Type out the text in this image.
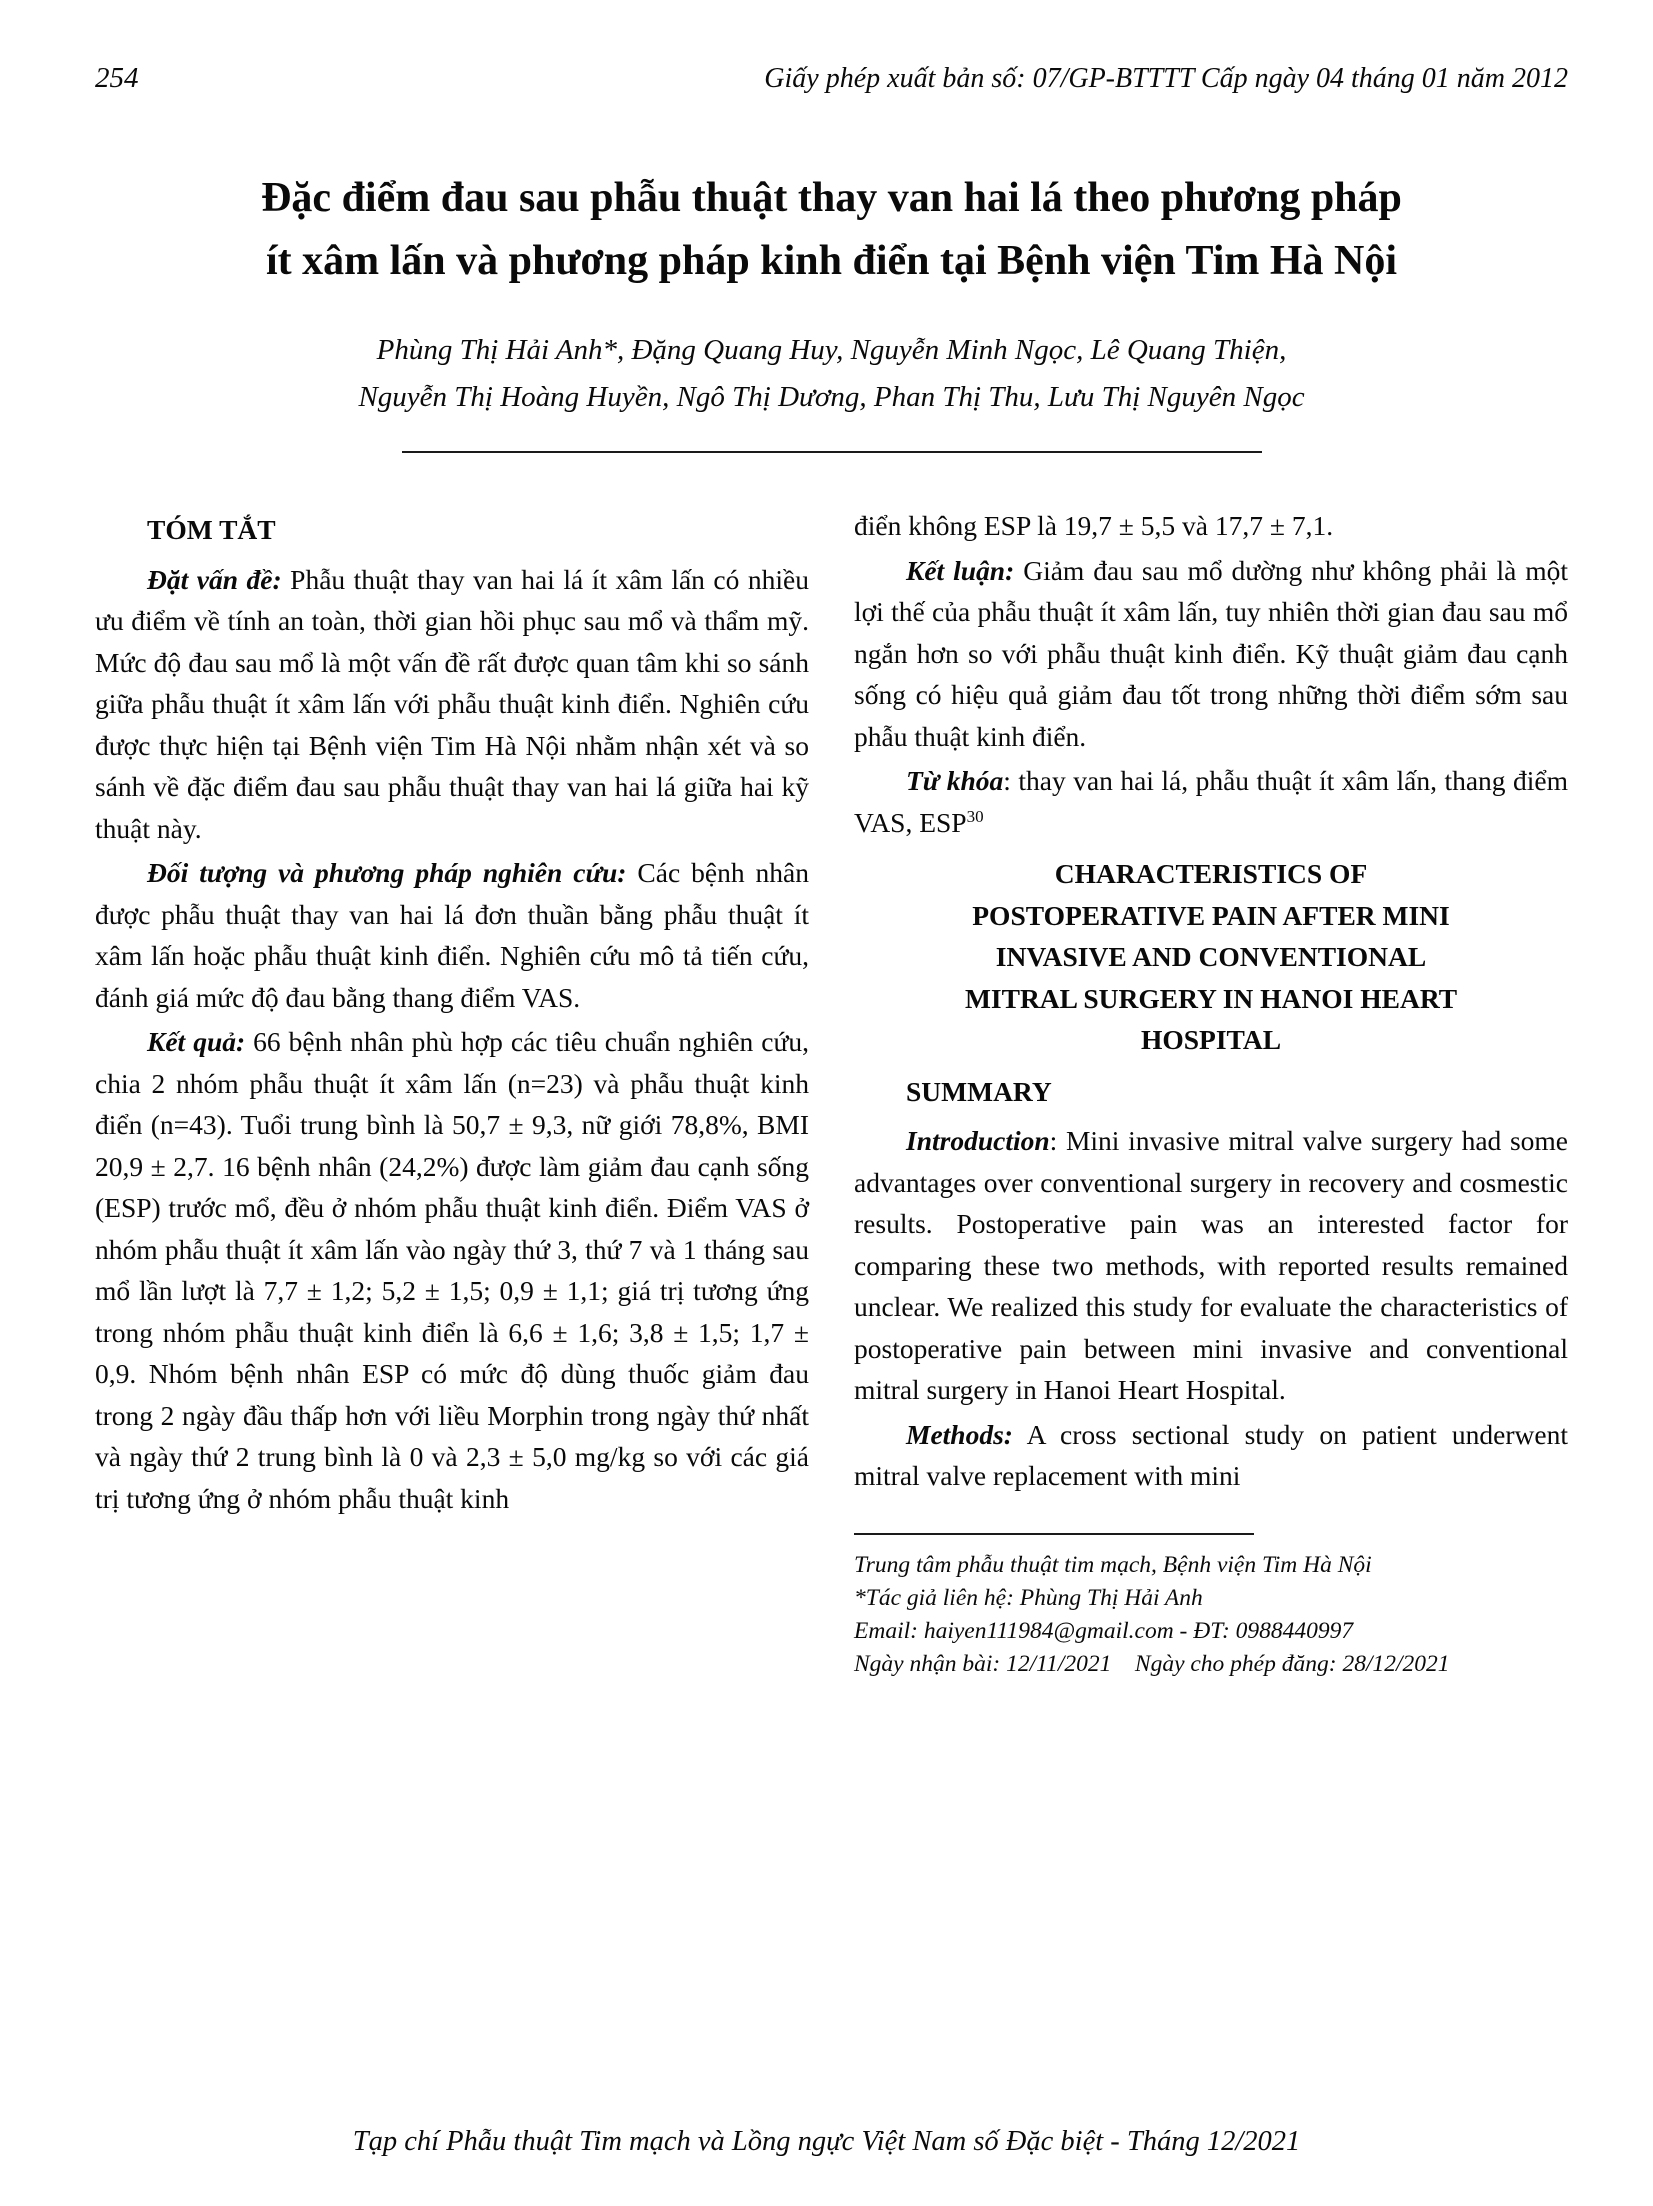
254	Giấy phép xuất bản số: 07/GP-BTTTT Cấp ngày 04 tháng 01 năm 2012
Đặc điểm đau sau phẫu thuật thay van hai lá theo phương pháp
ít xâm lấn và phương pháp kinh điển tại Bệnh viện Tim Hà Nội
Phùng Thị Hải Anh*, Đặng Quang Huy, Nguyễn Minh Ngọc, Lê Quang Thiện,
Nguyễn Thị Hoàng Huyền, Ngô Thị Dương, Phan Thị Thu, Lưu Thị Nguyên Ngọc
TÓM TẮT

Đặt vấn đề: Phẫu thuật thay van hai lá ít xâm lấn có nhiều ưu điểm về tính an toàn, thời gian hồi phục sau mổ và thẩm mỹ. Mức độ đau sau mổ là một vấn đề rất được quan tâm khi so sánh giữa phẫu thuật ít xâm lấn với phẫu thuật kinh điển. Nghiên cứu được thực hiện tại Bệnh viện Tim Hà Nội nhằm nhận xét và so sánh về đặc điểm đau sau phẫu thuật thay van hai lá giữa hai kỹ thuật này.

Đối tượng và phương pháp nghiên cứu: Các bệnh nhân được phẫu thuật thay van hai lá đơn thuần bằng phẫu thuật ít xâm lấn hoặc phẫu thuật kinh điển. Nghiên cứu mô tả tiến cứu, đánh giá mức độ đau bằng thang điểm VAS.

Kết quả: 66 bệnh nhân phù hợp các tiêu chuẩn nghiên cứu, chia 2 nhóm phẫu thuật ít xâm lấn (n=23) và phẫu thuật kinh điển (n=43). Tuổi trung bình là 50,7 ± 9,3, nữ giới 78,8%, BMI 20,9 ± 2,7. 16 bệnh nhân (24,2%) được làm giảm đau cạnh sống (ESP) trước mổ, đều ở nhóm phẫu thuật kinh điển. Điểm VAS ở nhóm phẫu thuật ít xâm lấn vào ngày thứ 3, thứ 7 và 1 tháng sau mổ lần lượt là 7,7 ± 1,2; 5,2 ± 1,5; 0,9 ± 1,1; giá trị tương ứng trong nhóm phẫu thuật kinh điển là 6,6 ± 1,6; 3,8 ± 1,5; 1,7 ± 0,9. Nhóm bệnh nhân ESP có mức độ dùng thuốc giảm đau trong 2 ngày đầu thấp hơn với liều Morphin trong ngày thứ nhất và ngày thứ 2 trung bình là 0 và 2,3 ± 5,0 mg/kg so với các giá trị tương ứng ở nhóm phẫu thuật kinh

điển không ESP là 19,7 ± 5,5 và 17,7 ± 7,1.

Kết luận: Giảm đau sau mổ dường như không phải là một lợi thế của phẫu thuật ít xâm lấn, tuy nhiên thời gian đau sau mổ ngắn hơn so với phẫu thuật kinh điển. Kỹ thuật giảm đau cạnh sống có hiệu quả giảm đau tốt trong những thời điểm sớm sau phẫu thuật kinh điển.

Từ khóa: thay van hai lá, phẫu thuật ít xâm lấn, thang điểm VAS, ESP$^{30}$

CHARACTERISTICS OF
POSTOPERATIVE PAIN AFTER MINI
INVASIVE AND CONVENTIONAL
MITRAL SURGERY IN HANOI HEART
HOSPITAL
SUMMARY

Introduction: Mini invasive mitral valve surgery had some advantages over conventional surgery in recovery and cosmestic results. Postoperative pain was an interested factor for comparing these two methods, with reported results remained unclear. We realized this study for evaluate the characteristics of postoperative pain between mini invasive and conventional mitral surgery in Hanoi Heart Hospital.

Methods: A cross sectional study on patient underwent mitral valve replacement with mini

Trung tâm phẫu thuật tim mạch, Bệnh viện Tim Hà Nội
*Tác giả liên hệ: Phùng Thị Hải Anh
Email: haiyen111984@gmail.com - ĐT: 0988440997
Ngày nhận bài: 12/11/2021    Ngày cho phép đăng: 28/12/2021
Tạp chí Phẫu thuật Tim mạch và Lồng ngực Việt Nam số Đặc biệt - Tháng 12/2021
